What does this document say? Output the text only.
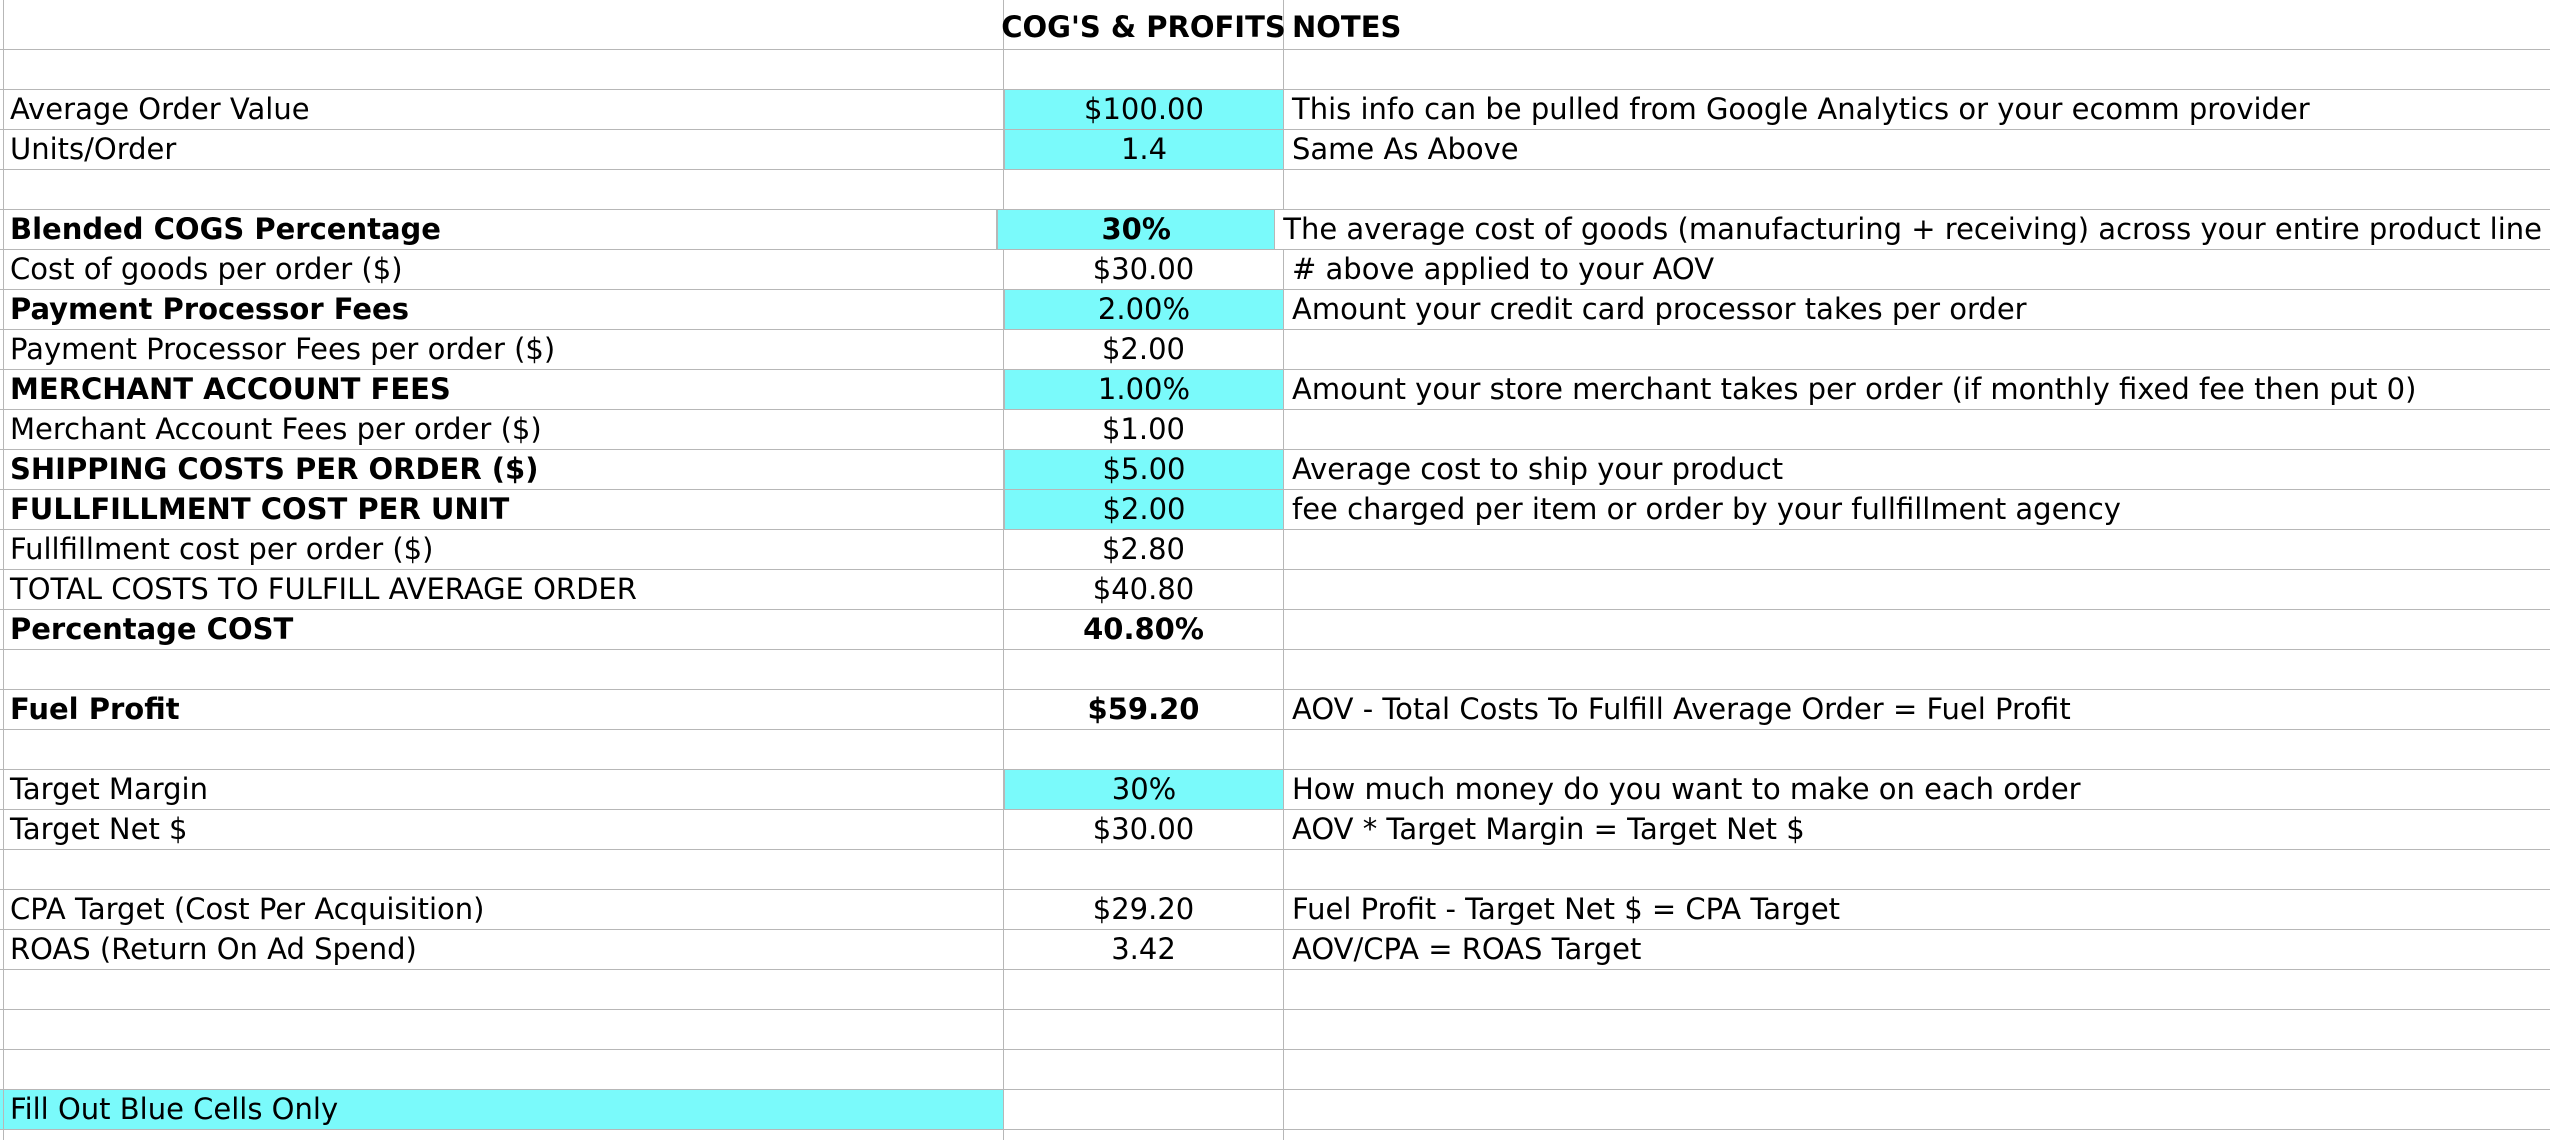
COG'S & PROFITS NOTES
Average Order Value	$100.00	This info can be pulled from Google Analytics or your ecomm provider
Units/Order	1.4	Same As Above
Blended COGS Percentage	30%	The average cost of goods (manufacturing + receiving) across your entire product line
Cost of goods per order ($)	$30.00	# above applied to your AOV
Payment Processor Fees	2.00%	Amount your credit card processor takes per order
Payment Processor Fees per order ($)	$2.00
MERCHANT ACCOUNT FEES	1.00%	Amount your store merchant takes per order (if monthly fixed fee then put 0)
Merchant Account Fees per order ($)	$1.00
SHIPPING COSTS PER ORDER ($)	$5.00	Average cost to ship your product
FULLFILLMENT COST PER UNIT	$2.00	fee charged per item or order by your fullfillment agency
Fullfillment cost per order ($)	$2.80
TOTAL COSTS TO FULFILL AVERAGE ORDER	$40.80
Percentage COST	40.80%
Fuel Profit	$59.20	AOV - Total Costs To Fulfill Average Order = Fuel Profit
Target Margin	30%	How much money do you want to make on each order
Target Net $	$30.00	AOV * Target Margin = Target Net $
CPA Target (Cost Per Acquisition)	$29.20	Fuel Profit - Target Net $ = CPA Target
ROAS (Return On Ad Spend)	3.42	AOV/CPA = ROAS Target
Fill Out Blue Cells Only
